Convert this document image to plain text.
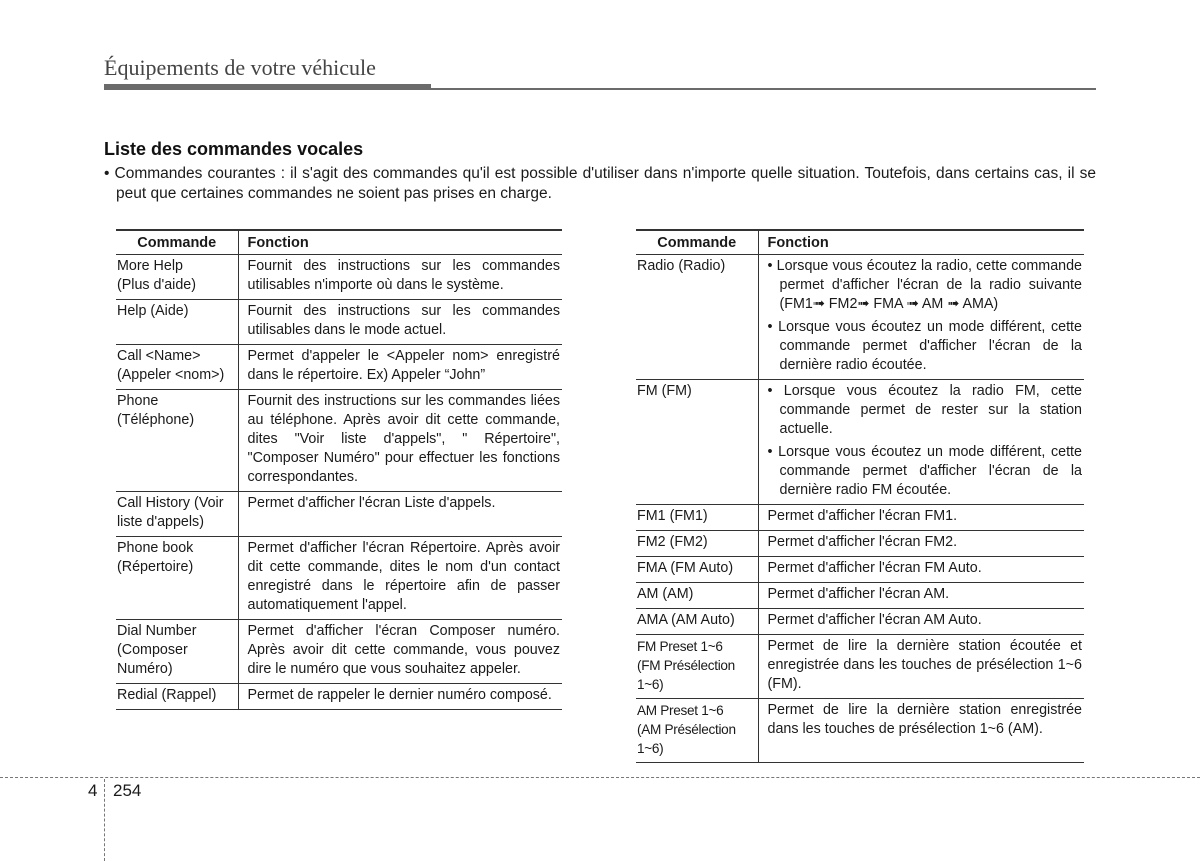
Équipements de votre véhicule
Liste des commandes vocales
• Commandes courantes : il s'agit des commandes qu'il est possible d'utiliser dans n'importe quelle situation. Toutefois, dans certains cas, il se peut que certaines commandes ne soient pas prises en charge.
Commande	Fonction
More Help
(Plus d'aide)	Fournit des instructions sur les commandes utilisables n'importe où dans le système.

Help (Aide)	Fournit des instructions sur les commandes utilisables dans le mode actuel.

Call <Name>
(Appeler <nom>)	Permet d'appeler le <Appeler nom> enregistré dans le répertoire. Ex) Appeler “John”

Phone
(Téléphone)	Fournit des instructions sur les commandes liées au téléphone. Après avoir dit cette commande, dites "Voir liste d'appels", " Répertoire", "Composer Numéro" pour effectuer les fonctions correspondantes.

Call History (Voir
liste d'appels)	Permet d'afficher l'écran Liste d'appels.

Phone book
(Répertoire)	Permet d'afficher l'écran Répertoire. Après avoir dit cette commande, dites le nom d'un contact enregistré dans le répertoire afin de passer automatiquement l'appel.

Dial Number
(Composer
Numéro)	Permet d'afficher l'écran Composer numéro. Après avoir dit cette commande, vous pouvez dire le numéro que vous souhaitez appeler.

Redial (Rappel)	Permet de rappeler le dernier numéro composé.
Commande	Fonction
Radio (Radio)	• Lorsque vous écoutez la radio, cette commande permet d'afficher l'écran de la radio suivante (FM1➟ FM2➟ FMA ➟ AM ➟ AMA)
• Lorsque vous écoutez un mode différent, cette commande permet d'afficher l'écran de la dernière radio écoutée.

FM (FM)	• Lorsque vous écoutez la radio FM, cette commande permet de rester sur la station actuelle.
• Lorsque vous écoutez un mode différent, cette commande permet d'afficher l'écran de la dernière radio FM écoutée.

FM1 (FM1)	Permet d'afficher l'écran FM1.

FM2 (FM2)	Permet d'afficher l'écran FM2.

FMA (FM Auto)	Permet d'afficher l'écran FM Auto.

AM (AM)	Permet d'afficher l'écran AM.

AMA (AM Auto)	Permet d'afficher l'écran AM Auto.

FM Preset 1~6
(FM Présélection
1~6)	Permet de lire la dernière station écoutée et enregistrée dans les touches de présélection 1~6 (FM).

AM Preset 1~6
(AM Présélection
1~6)	Permet de lire la dernière station enregistrée dans les touches de présélection 1~6 (AM).
4 254
